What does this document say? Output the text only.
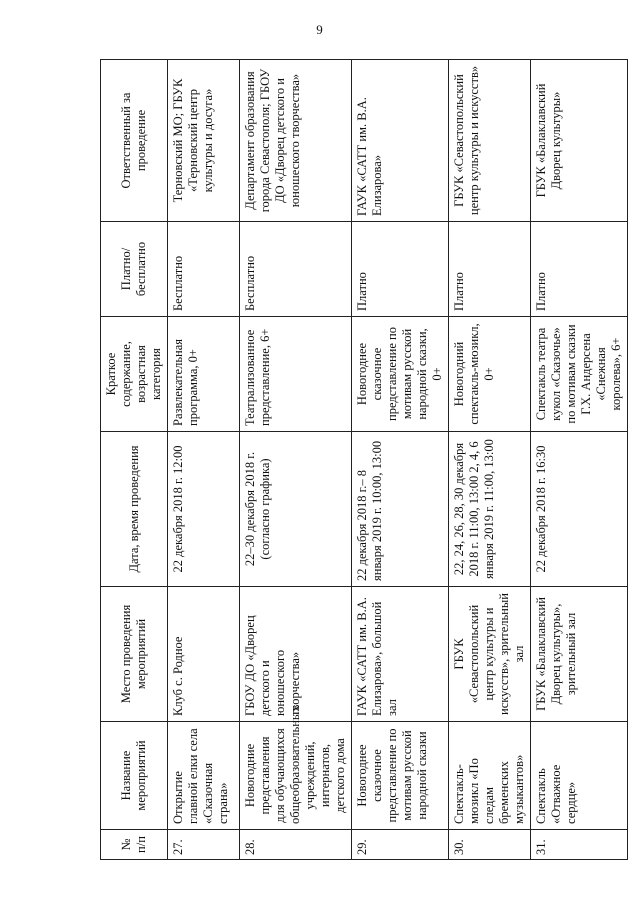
9
№ п/п	Название мероприятий	Место проведения мероприятий	Дата, время проведения	Краткое содержание, возрастная категория	Платно/ бесплатно	Ответственный за проведение
27.	Открытие главной елки села «Сказочная страна»	Клуб с. Родное	22 декабря 2018 г. 12:00	Развлекательная программа, 0+	Бесплатно	Терновский МО; ГБУК «Терновский центр культуры и досуга»
28.	Новогодние представления для обучающихся общеобразовательных учреждений, интернатов, детского дома	ГБОУ ДО «Дворец детского и юношеского творчества»	22–30 декабря 2018 г. (согласно графика)	Театрализованное представление, 6+	Бесплатно	Департамент образования города Севастополя; ГБОУ ДО «Дворец детского и юношеского творчества»
29.	Новогоднее сказочное представление по мотивам русской народной сказки	ГАУК «САТТ им. В.А. Елизарова», большой зал	22 декабря 2018 г.– 8 января 2019 г. 10:00, 13:00	Новогоднее сказочное представление по мотивам русской народной сказки, 0+	Платно	ГАУК «САТТ им. В.А. Елизарова»
30.	Спектакль-мюзикл «По следам бременских музыкантов»	ГБУК «Севастопольский центр культуры и искусств», зрительный зал	22, 24, 26, 28, 30 декабря 2018 г. 11:00, 13:00 2, 4, 6 января 2019 г. 11:00, 13:00	Новогодний спектакль-мюзикл, 0+	Платно	ГБУК «Севастопольский центр культуры и искусств»
31.	Спектакль «Отважное сердце»	ГБУК «Балаклавский Дворец культуры», зрительный зал	22 декабря 2018 г. 16:30	Спектакль театра кукол «Сказочье» по мотивам сказки Г.Х. Андерсена «Снежная королева», 6+	Платно	ГБУК «Балаклавский Дворец культуры»
